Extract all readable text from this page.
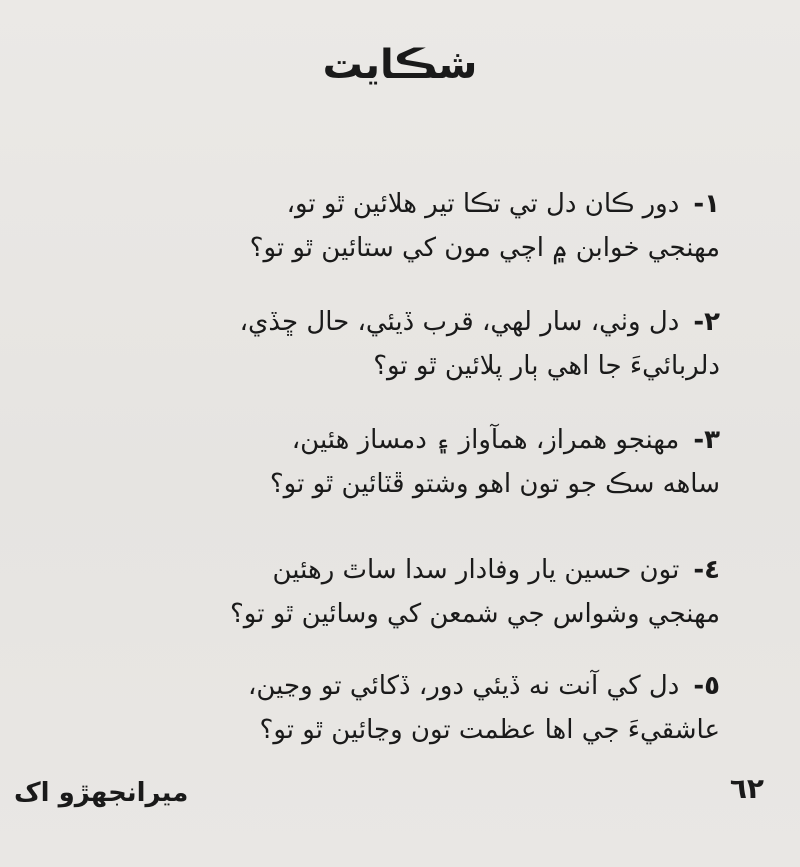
شڪايت
١-دور ڪان دل تي تڪا تير هلائين ٿو تو،
مهنجي خوابن ۾ اچي مون کي ستائين ٿو تو؟
٢-دل وٺي، سار لهي، قرب ڏيئي، حال ڇڏي،
دلربائيءَ جا اهي ٻار پلائين ٿو تو؟
٣-مهنجو همراز، همآواز ۽ دمساز هئين،
ساهه سڪ جو تون اهو وشتو ڦٽائين ٿو تو؟
٤-تون حسين يار وفادار سدا ساٿ رهئين
مهنجي وشواس جي شمعن کي وسائين ٿو تو؟
٥-دل کي آنت نه ڏيئي دور، ڏکائي تو وڃين،
عاشقيءَ جي اها عظمت تون وڃائين ٿو تو؟
ميرانجهڙو اک	٦٢
